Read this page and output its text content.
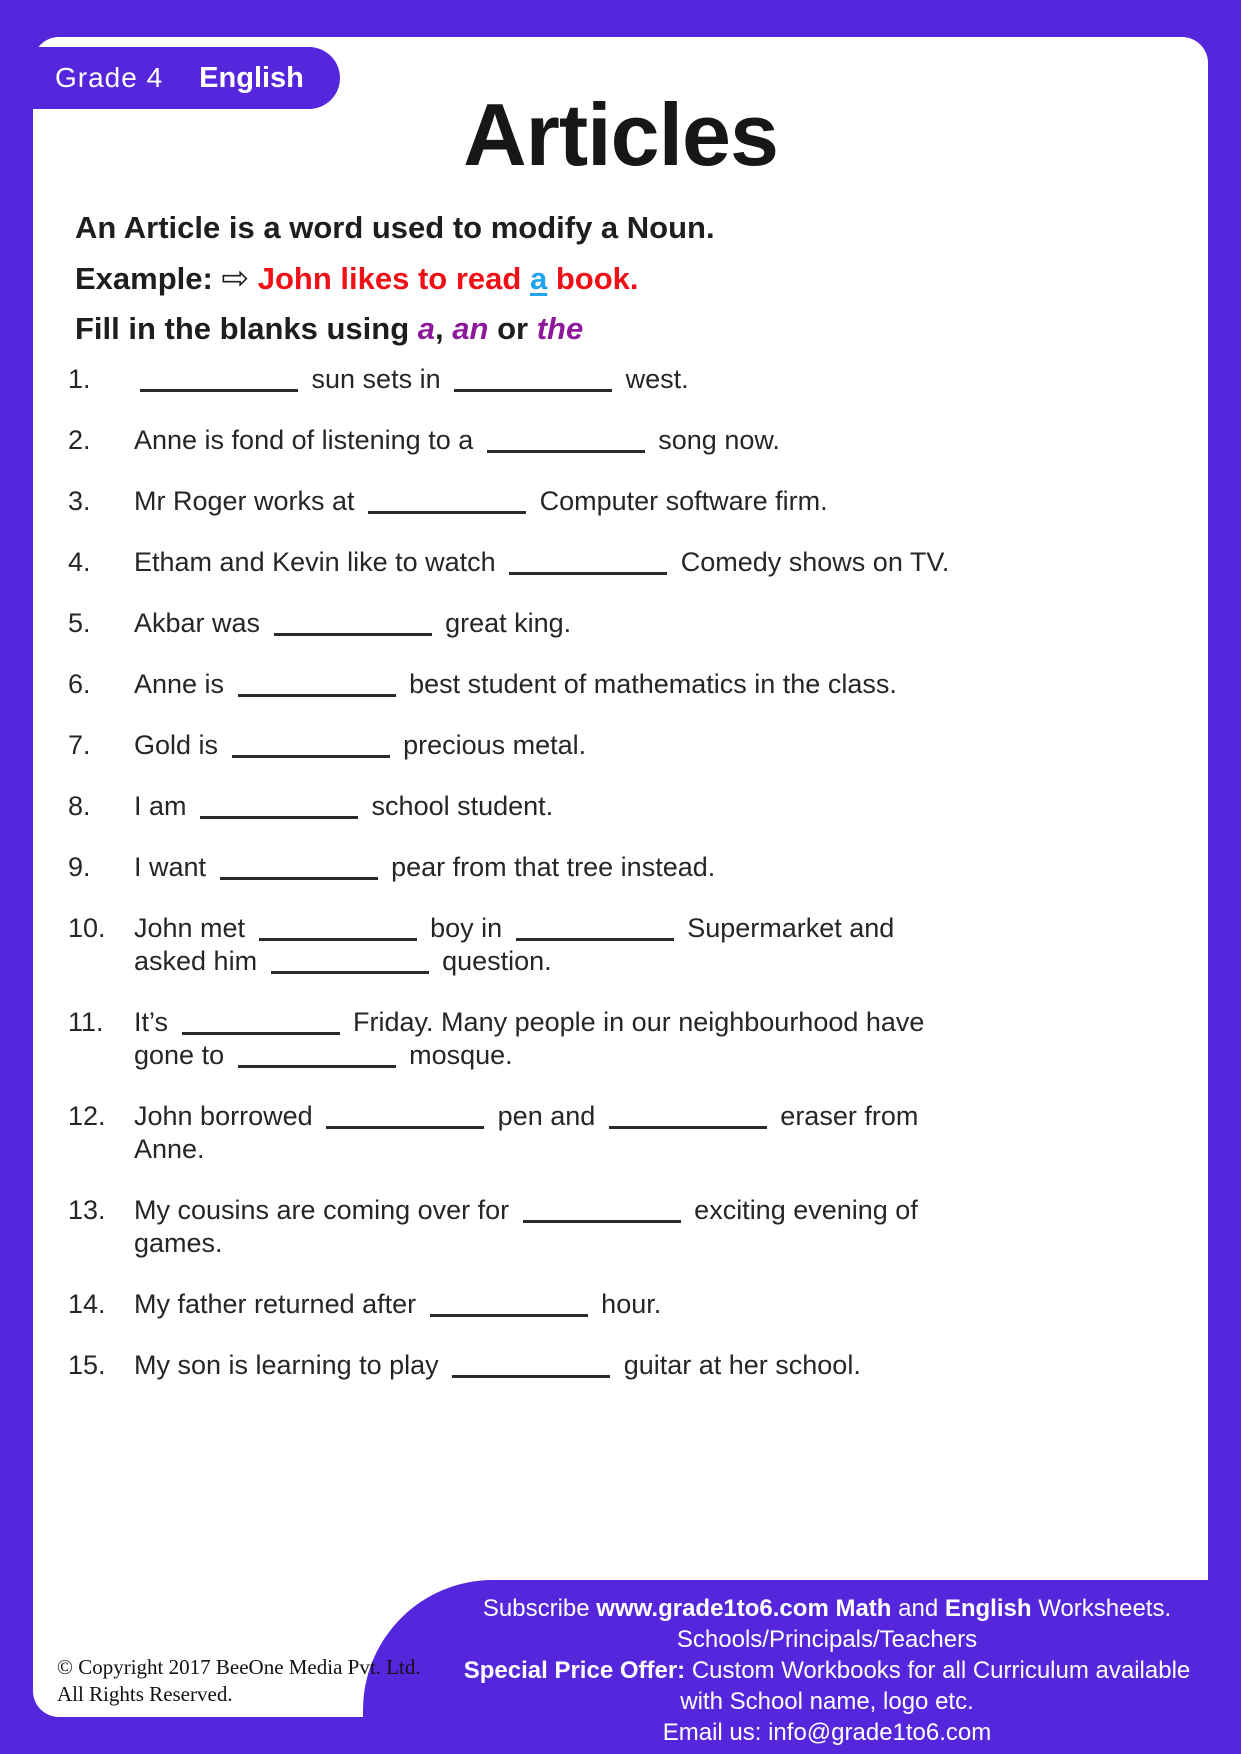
Grade 4 English
Articles

An Article is a word used to modify a Noun.

Example: ⇨ John likes to read a book.

Fill in the blanks using a, an or the

1.	sun sets in	west.
2.	Anne is fond of listening to a	song now.
3.	Mr Roger works at	Computer software firm.
4.	Etham and Kevin like to watch	Comedy shows on TV.
5.	Akbar was	great king.
6.	Anne is	best student of mathematics in the class.
7.	Gold is	precious metal.
8.	I am	school student.
9.	I want	pear from that tree instead.
10.	John met	boy in	Supermarket and
asked him	question.
11.	It’s	Friday. Many people in our neighbourhood have
gone to	mosque.
12.	John borrowed	pen and	eraser from
Anne.
13.	My cousins are coming over for	exciting evening of
games.
14.	My father returned after	hour.
15.	My son is learning to play	guitar at her school.
Subscribe www.grade1to6.com Math and English Worksheets.
Schools/Principals/Teachers
Special Price Offer: Custom Workbooks for all Curriculum available
with School name, logo etc.
Email us: info@grade1to6.com
© Copyright 2017 BeeOne Media Pvt. Ltd.
All Rights Reserved.
